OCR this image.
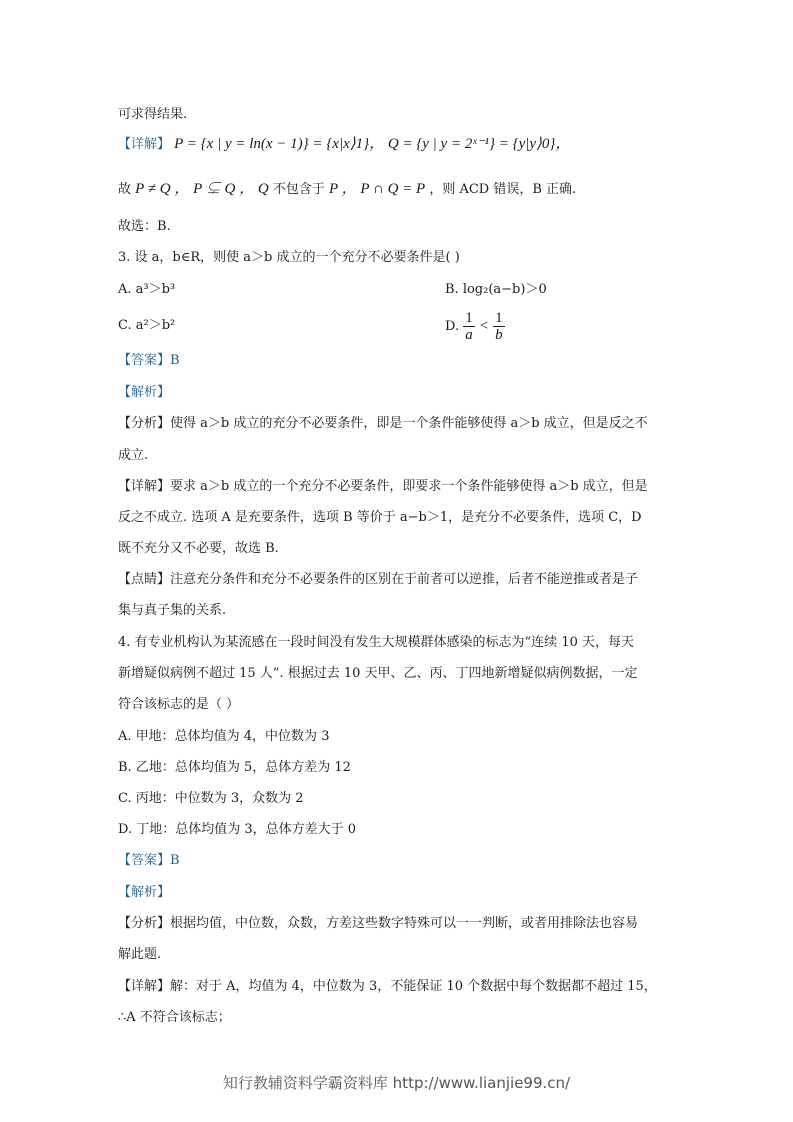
可求得结果.
【详解】 P = {x | y = ln(x − 1)} = {x|x⟩1}， Q = {y | y = 2ˣ⁻¹} = {y|y⟩0}，
故 P ≠ Q ， P ⊊ Q ， Q 不包含于 P ， P ∩ Q = P ，则 ACD 错误，B 正确.
故选：B.
3. 设 a，b∈R，则使 a＞b 成立的一个充分不必要条件是( )
A. a³＞b³	B. log₂(a−b)＞0
C. a²＞b²	D. $\frac{1}{a} < \frac{1}{b}$
【答案】B
【解析】
【分析】使得 a＞b 成立的充分不必要条件，即是一个条件能够使得 a＞b 成立，但是反之不
成立.
【详解】要求 a＞b 成立的一个充分不必要条件，即要求一个条件能够使得 a＞b 成立，但是
反之不成立. 选项 A 是充要条件，选项 B 等价于 a−b＞1，是充分不必要条件，选项 C，D
既不充分又不必要，故选 B.
【点睛】注意充分条件和充分不必要条件的区别在于前者可以逆推，后者不能逆推或者是子
集与真子集的关系.
4. 有专业机构认为某流感在一段时间没有发生大规模群体感染的标志为“连续 10 天，每天
新增疑似病例不超过 15 人”. 根据过去 10 天甲、乙、丙、丁四地新增疑似病例数据，一定
符合该标志的是（ ）
A. 甲地：总体均值为 4，中位数为 3
B. 乙地：总体均值为 5，总体方差为 12
C. 丙地：中位数为 3，众数为 2
D. 丁地：总体均值为 3，总体方差大于 0
【答案】B
【解析】
【分析】根据均值，中位数，众数，方差这些数字特殊可以一一判断，或者用排除法也容易
解此题.
【详解】解：对于 A，均值为 4，中位数为 3，不能保证 10 个数据中每个数据都不超过 15，
∴A 不符合该标志；
知行教辅资料学霸资料库 http://www.lianjie99.cn/
